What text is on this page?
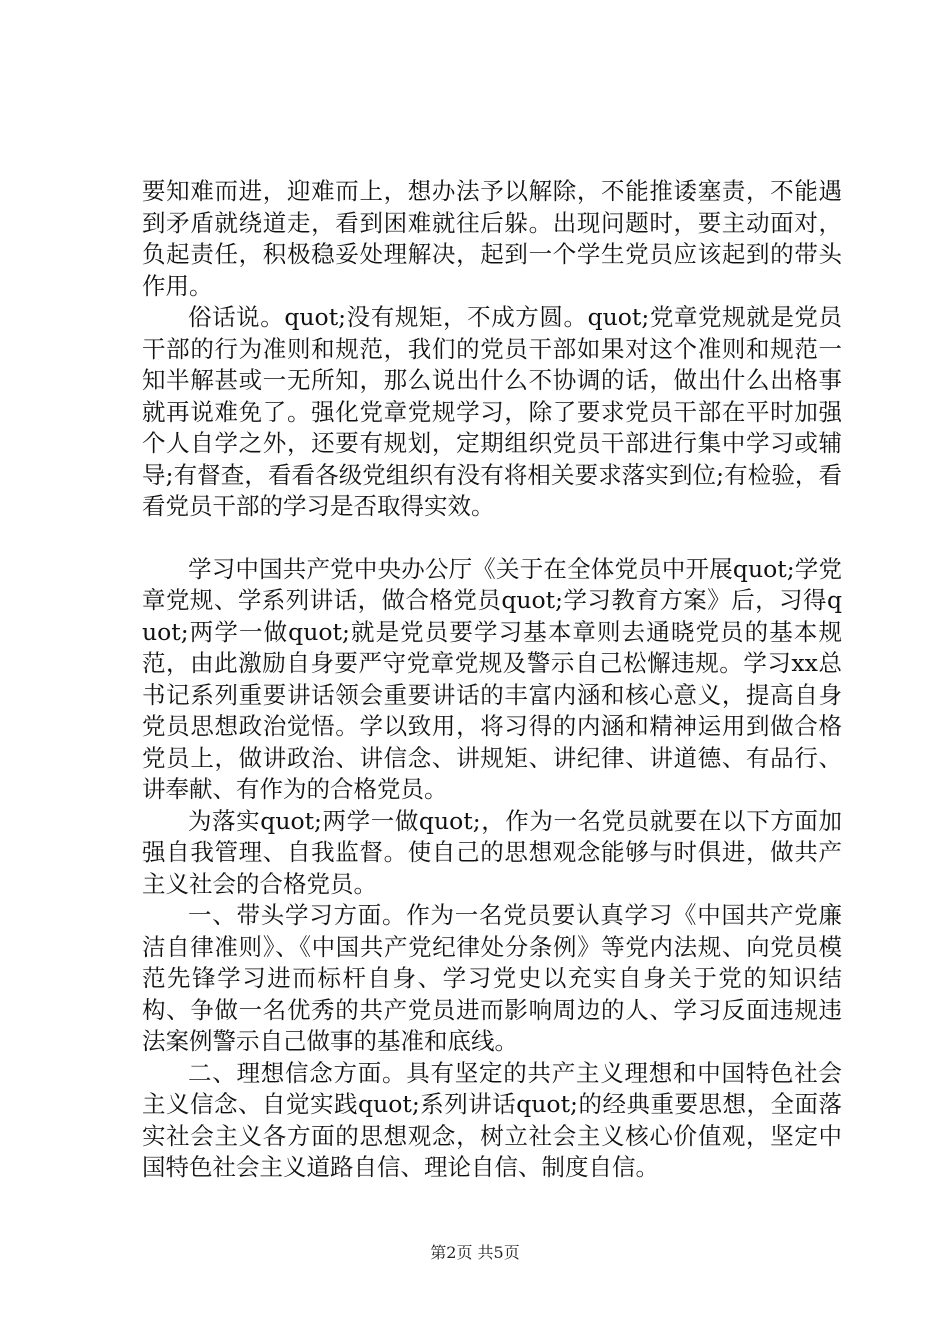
要知难而进，迎难而上，想办法予以解除，不能推诿塞责，不能遇到矛盾就绕道走，看到困难就往后躲。出现问题时，要主动面对，负起责任，积极稳妥处理解决，起到一个学生党员应该起到的带头作用。

俗话说。quot;没有规矩，不成方圆。quot;党章党规就是党员干部的行为准则和规范，我们的党员干部如果对这个准则和规范一知半解甚或一无所知，那么说出什么不协调的话，做出什么出格事就再说难免了。强化党章党规学习，除了要求党员干部在平时加强个人自学之外，还要有规划，定期组织党员干部进行集中学习或辅导;有督查，看看各级党组织有没有将相关要求落实到位;有检验，看看党员干部的学习是否取得实效。

学习中国共产党中央办公厅《关于在全体党员中开展quot;学党章党规、学系列讲话，做合格党员quot;学习教育方案》后，习得quot;两学一做quot;就是党员要学习基本章则去通晓党员的基本规范，由此激励自身要严守党章党规及警示自己松懈违规。学习xx总书记系列重要讲话领会重要讲话的丰富内涵和核心意义，提高自身党员思想政治觉悟。学以致用，将习得的内涵和精神运用到做合格党员上，做讲政治、讲信念、讲规矩、讲纪律、讲道德、有品行、讲奉献、有作为的合格党员。

为落实quot;两学一做quot;，作为一名党员就要在以下方面加强自我管理、自我监督。使自己的思想观念能够与时俱进，做共产主义社会的合格党员。

一、带头学习方面。作为一名党员要认真学习《中国共产党廉洁自律准则》、《中国共产党纪律处分条例》等党内法规、向党员模范先锋学习进而标杆自身、学习党史以充实自身关于党的知识结构、争做一名优秀的共产党员进而影响周边的人、学习反面违规违法案例警示自己做事的基准和底线。

二、理想信念方面。具有坚定的共产主义理想和中国特色社会主义信念、自觉实践quot;系列讲话quot;的经典重要思想，全面落实社会主义各方面的思想观念，树立社会主义核心价值观，坚定中国特色社会主义道路自信、理论自信、制度自信。

第2页 共5页
